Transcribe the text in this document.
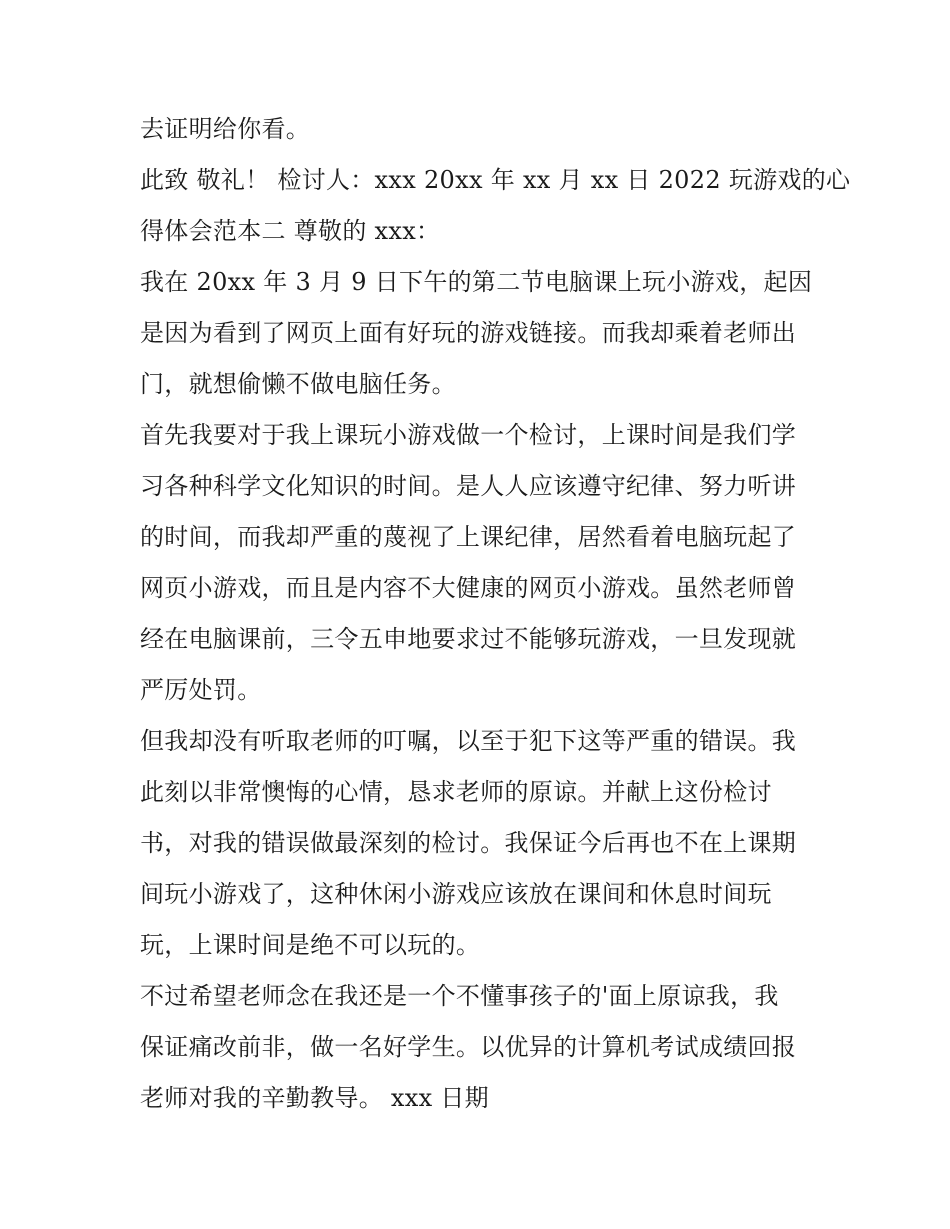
去证明给你看。
此致 敬礼！ 检讨人：xxx 20xx 年 xx 月 xx 日 2022 玩游戏的心
得体会范本二 尊敬的 xxx：
我在 20xx 年 3 月 9 日下午的第二节电脑课上玩小游戏，起因
是因为看到了网页上面有好玩的游戏链接。而我却乘着老师出
门，就想偷懒不做电脑任务。
首先我要对于我上课玩小游戏做一个检讨，上课时间是我们学
习各种科学文化知识的时间。是人人应该遵守纪律、努力听讲
的时间，而我却严重的蔑视了上课纪律，居然看着电脑玩起了
网页小游戏，而且是内容不大健康的网页小游戏。虽然老师曾
经在电脑课前，三令五申地要求过不能够玩游戏，一旦发现就
严厉处罚。
但我却没有听取老师的叮嘱，以至于犯下这等严重的错误。我
此刻以非常懊悔的心情，恳求老师的原谅。并献上这份检讨
书，对我的错误做最深刻的检讨。我保证今后再也不在上课期
间玩小游戏了，这种休闲小游戏应该放在课间和休息时间玩
玩，上课时间是绝不可以玩的。
不过希望老师念在我还是一个不懂事孩子的'面上原谅我，我
保证痛改前非，做一名好学生。以优异的计算机考试成绩回报
老师对我的辛勤教导。 xxx 日期
